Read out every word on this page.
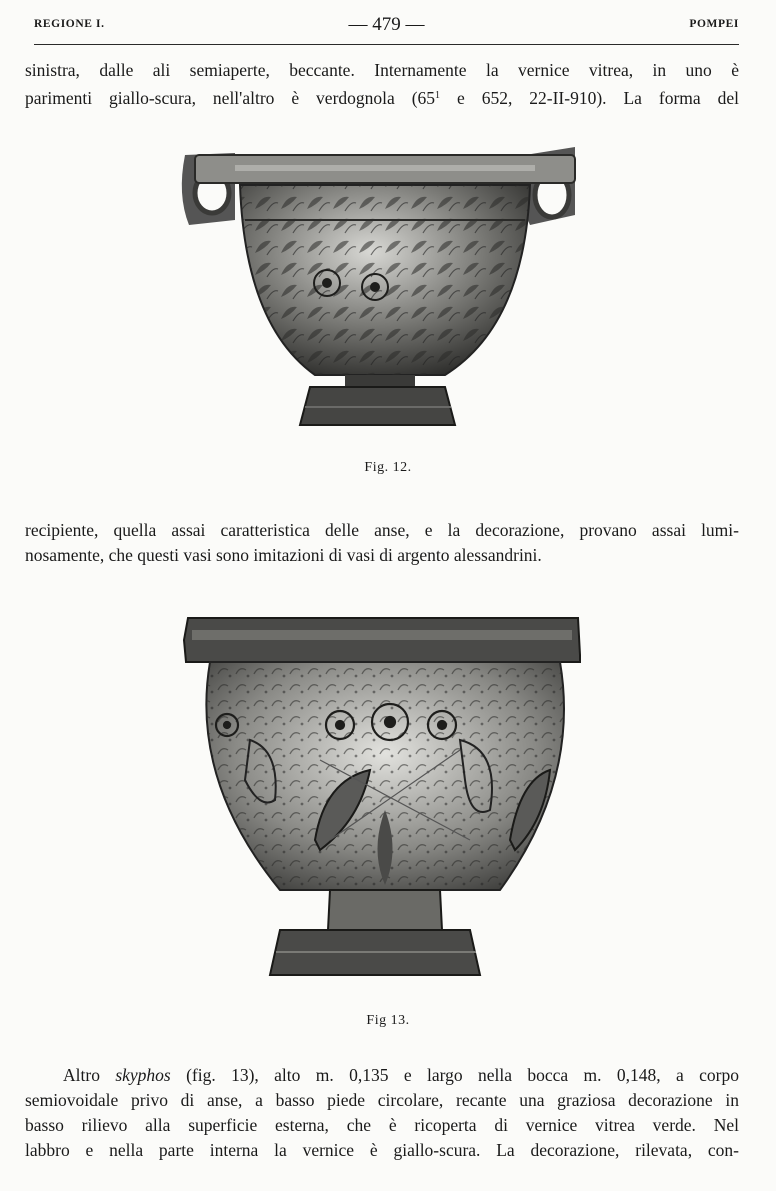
REGIONE I.	— 479 —	POMPEI
sinistra, dalle ali semiaperte, beccante. Internamente la vernice vitrea, in uno è
parimenti giallo-scura, nell'altro è verdognola ($65^1$ e 652, 22-II-910). La forma del
Fig. 12.
recipiente, quella assai caratteristica delle anse, e la decorazione, provano assai lumi-
nosamente, che questi vasi sono imitazioni di vasi di argento alessandrini.
Fig 13.
Altro skyphos (fig. 13), alto m. 0,135 e largo nella bocca m. 0,148, a corpo
semiovoidale privo di anse, a basso piede circolare, recante una graziosa decorazione in
basso rilievo alla superficie esterna, che è ricoperta di vernice vitrea verde. Nel
labbro e nella parte interna la vernice è giallo-scura. La decorazione, rilevata, con-
